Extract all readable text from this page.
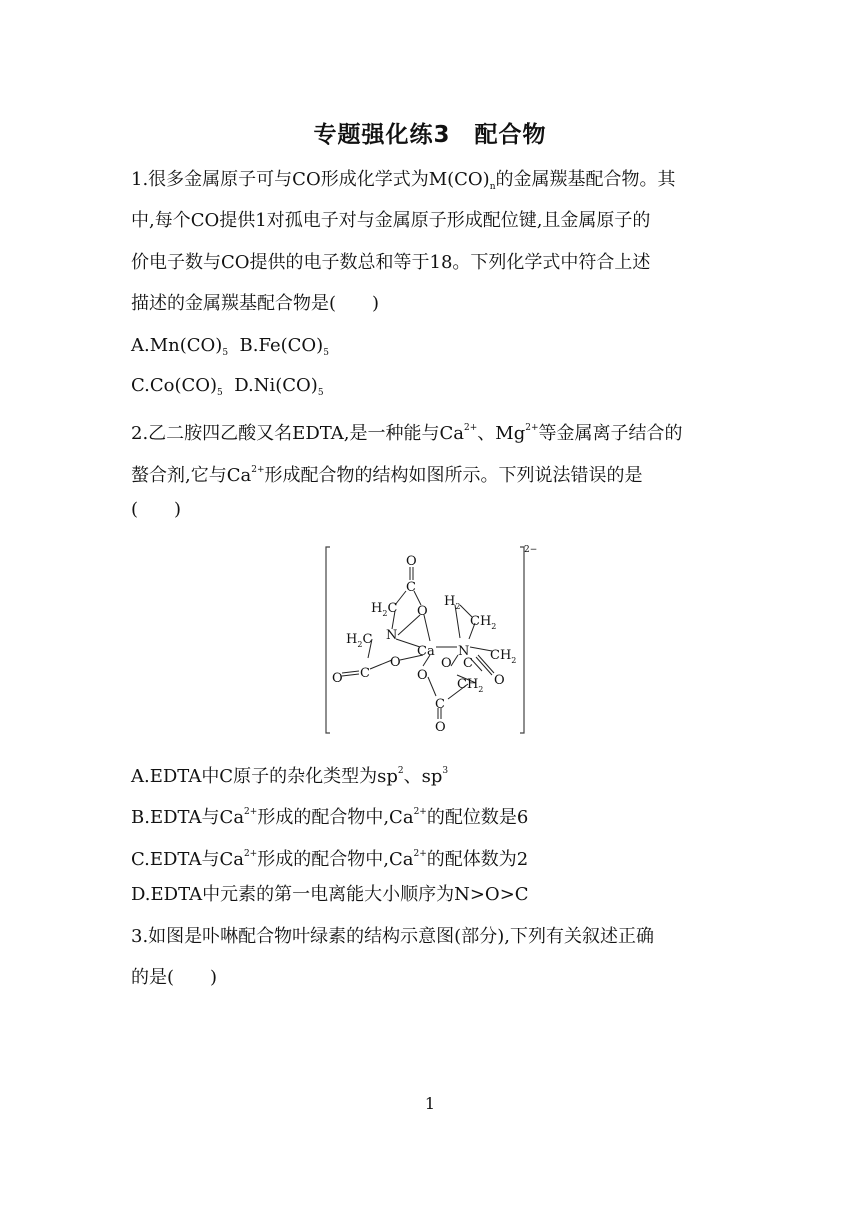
专题强化练3　配合物
1.很多金属原子可与CO形成化学式为$M(CO)_n$的金属羰基配合物。其
中,每个CO提供1对孤电子对与金属原子形成配位键,且金属原子的
价电子数与CO提供的电子数总和等于18。下列化学式中符合上述
描述的金属羰基配合物是(　　)
$A.Mn(CO)_5$ $B.Fe(CO)_5$
$C.Co(CO)_5$ $D.Ni(CO)_5$
2.乙二胺四乙酸又名EDTA,是一种能与$Ca^{2+}$、$Mg^{2+}$等金属离子结合的
螯合剂,它与$Ca^{2+}$形成配合物的结构如图所示。下列说法错误的是
(　　)
2−
O
C
$H_2C$ O
$H_2$
$CH_2$
$H_2C$ N
Ca N $CH_2$
O C
O	O C
O
O
$CH_2$
C
O
A.EDTA中C原子的杂化类型为$sp^2$、$sp^3$
B.EDTA与$Ca^{2+}$形成的配合物中$,Ca^{2+}$的配位数是6
C.EDTA与$Ca^{2+}$形成的配合物中$,Ca^{2+}$的配体数为2
D.EDTA中元素的第一电离能大小顺序为N>O>C
3.如图是卟啉配合物叶绿素的结构示意图(部分),下列有关叙述正确
的是(　　)
1
